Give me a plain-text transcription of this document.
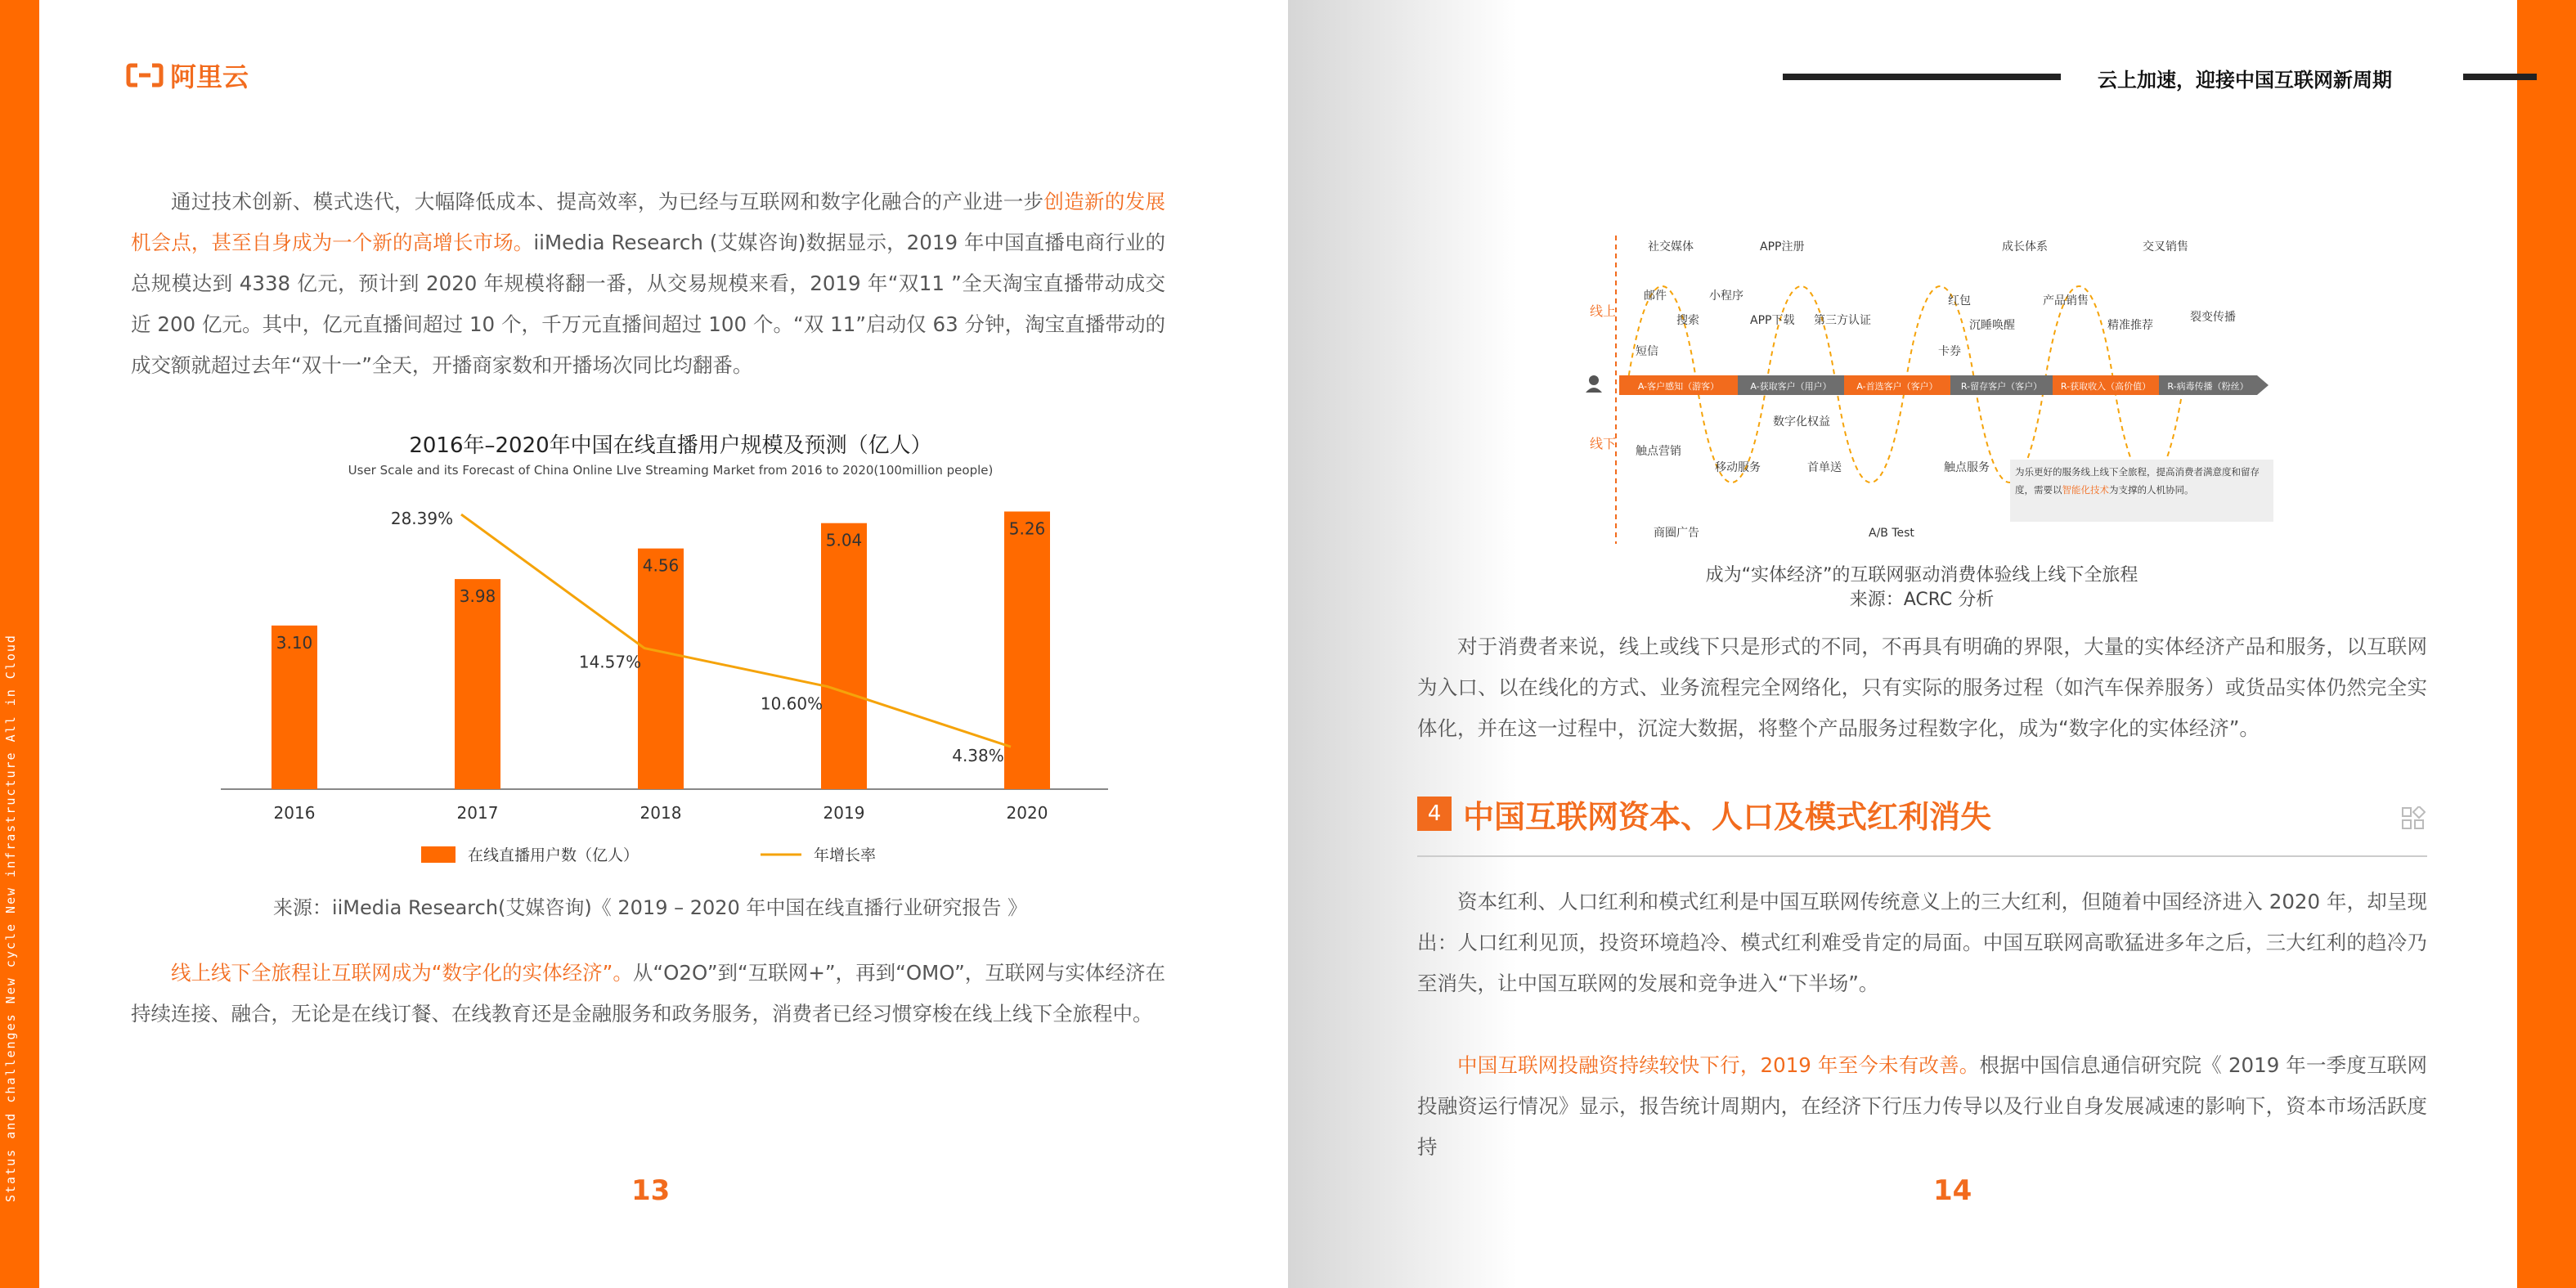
Status and challenges New cycle New infrastructure All in Cloud
阿里云

通过技术创新、模式迭代，大幅降低成本、提高效率，为已经与互联网和数字化融合的产业进一步创造新的发展机会点，甚至自身成为一个新的高增长市场。iiMedia Research (艾媒咨询)数据显示，2019 年中国直播电商行业的总规模达到 4338 亿元，预计到 2020 年规模将翻一番，从交易规模来看，2019 年“双11 ”全天淘宝直播带动成交近 200 亿元。其中，亿元直播间超过 10 个，千万元直播间超过 100 个。“双 11”启动仅 63 分钟，淘宝直播带动的成交额就超过去年“双十一”全天，开播商家数和开播场次同比均翻番。

2016年–2020年中国在线直播用户规模及预测（亿人）
User Scale and its Forecast of China Online LIve Streaming Market from 2016 to 2020(100million people)
3.10
2016
3.98
2017
4.56
2018
5.04
2019
5.26
2020
28.39%
14.57%
10.60%
4.38%
在线直播用户数（亿人）	年增长率
来源：iiMedia Research(艾媒咨询)《 2019 – 2020 年中国在线直播行业研究报告 》

线上线下全旅程让互联网成为“数字化的实体经济”。从“O2O”到“互联网+”，再到“OMO”，互联网与实体经济在持续连接、融合，无论是在线订餐、在线教育还是金融服务和政务服务，消费者已经习惯穿梭在线上线下全旅程中。

13
云上加速，迎接中国互联网新周期
线上
线下
A-客户感知（游客）	A-获取客户（用户）	A-首选客户（客户）	R-留存客户（客户） R-获取收入（高价值） R-病毒传播（粉丝）
社交媒体	APP注册	成长体系	交叉销售
邮件	小程序
搜索	APP下载 第三方认证
红包	产品销售
沉睡唤醒	精准推荐
裂变传播
短信	卡券
数字化权益
触点营销
移动服务	首单送	触点服务
商圈广告	A/B Test
为乐更好的服务线上线下全旅程，提高消费者满意度和留存度，需要以智能化技术为支撑的人机协同。
成为“实体经济”的互联网驱动消费体验线上线下全旅程
来源：ACRC 分析

对于消费者来说，线上或线下只是形式的不同，不再具有明确的界限，大量的实体经济产品和服务，以互联网为入口、以在线化的方式、业务流程完全网络化，只有实际的服务过程（如汽车保养服务）或货品实体仍然完全实体化，并在这一过程中，沉淀大数据，将整个产品服务过程数字化，成为“数字化的实体经济”。

4 中国互联网资本、人口及模式红利消失

资本红利、人口红利和模式红利是中国互联网传统意义上的三大红利，但随着中国经济进入 2020 年，却呈现出：人口红利见顶，投资环境趋冷、模式红利难受肯定的局面。中国互联网高歌猛进多年之后，三大红利的趋冷乃至消失，让中国互联网的发展和竞争进入“下半场”。

中国互联网投融资持续较快下行，2019 年至今未有改善。根据中国信息通信研究院《 2019 年一季度互联网投融资运行情况》显示，报告统计周期内，在经济下行压力传导以及行业自身发展减速的影响下，资本市场活跃度持

14
